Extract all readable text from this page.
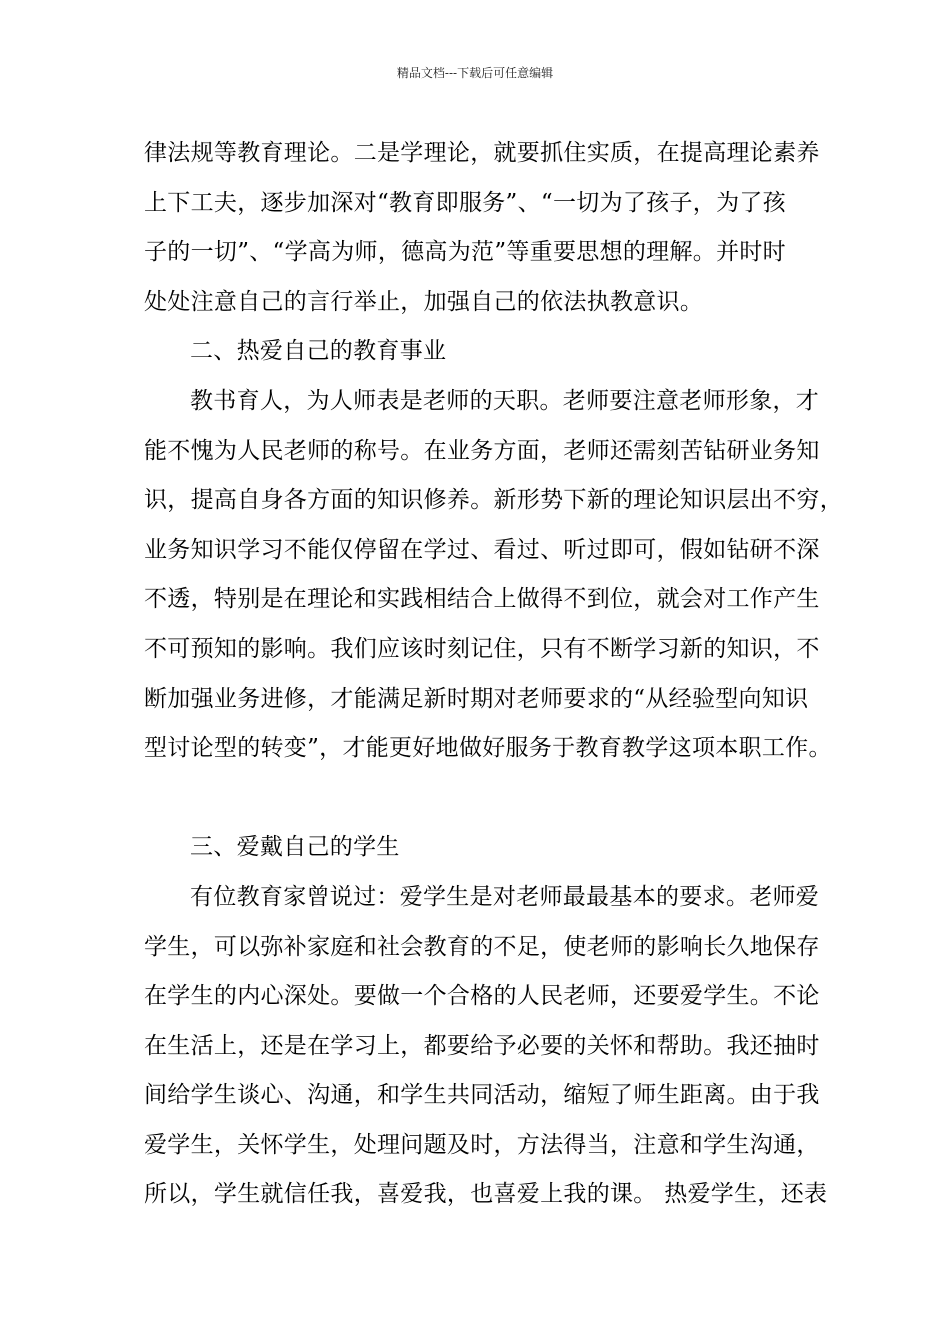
精品文档---下载后可任意编辑
律法规等教育理论。二是学理论，就要抓住实质，在提高理论素养
上下工夫，逐步加深对“教育即服务”、“一切为了孩子，为了孩
子的一切”、“学高为师，德高为范”等重要思想的理解。并时时
处处注意自己的言行举止，加强自己的依法执教意识。
二、热爱自己的教育事业
教书育人，为人师表是老师的天职。老师要注意老师形象，才
能不愧为人民老师的称号。在业务方面，老师还需刻苦钻研业务知
识，提高自身各方面的知识修养。新形势下新的理论知识层出不穷，
业务知识学习不能仅停留在学过、看过、听过即可，假如钻研不深
不透，特别是在理论和实践相结合上做得不到位，就会对工作产生
不可预知的影响。我们应该时刻记住，只有不断学习新的知识，不
断加强业务进修，才能满足新时期对老师要求的“从经验型向知识
型讨论型的转变”，才能更好地做好服务于教育教学这项本职工作。
三、爱戴自己的学生
有位教育家曾说过：爱学生是对老师最最基本的要求。老师爱
学生，可以弥补家庭和社会教育的不足，使老师的影响长久地保存
在学生的内心深处。要做一个合格的人民老师，还要爱学生。不论
在生活上，还是在学习上，都要给予必要的关怀和帮助。我还抽时
间给学生谈心、沟通，和学生共同活动，缩短了师生距离。由于我
爱学生，关怀学生，处理问题及时，方法得当，注意和学生沟通，
所以，学生就信任我，喜爱我，也喜爱上我的课。 热爱学生，还表
